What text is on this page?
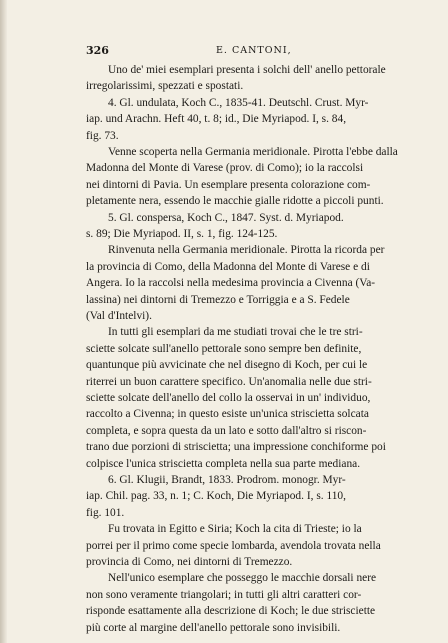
326	E. CANTONI,
Uno de' miei esemplari presenta i solchi dell' anello pettorale
irregolarissimi, spezzati e spostati.
4. Gl. undulata, Koch C., 1835-41. Deutschl. Crust. Myr-
iap. und Arachn. Heft 40, t. 8; id., Die Myriapod. I, s. 84,
fig. 73.
Venne scoperta nella Germania meridionale. Pirotta l'ebbe dalla
Madonna del Monte di Varese (prov. di Como); io la raccolsi
nei dintorni di Pavia. Un esemplare presenta colorazione com-
pletamente nera, essendo le macchie gialle ridotte a piccoli punti.
5. Gl. conspersa, Koch C., 1847. Syst. d. Myriapod.
s. 89; Die Myriapod. II, s. 1, fig. 124-125.
Rinvenuta nella Germania meridionale. Pirotta la ricorda per
la provincia di Como, della Madonna del Monte di Varese e di
Angera. Io la raccolsi nella medesima provincia a Civenna (Va-
lassina) nei dintorni di Tremezzo e Torriggia e a S. Fedele
(Val d'Intelvi).
In tutti gli esemplari da me studiati trovai che le tre stri-
sciette solcate sull'anello pettorale sono sempre ben definite,
quantunque più avvicinate che nel disegno di Koch, per cui le
riterrei un buon carattere specifico. Un'anomalia nelle due stri-
sciette solcate dell'anello del collo la osservai in un' individuo,
raccolto a Civenna; in questo esiste un'unica striscietta solcata
completa, e sopra questa da un lato e sotto dall'altro si riscon-
trano due porzioni di striscietta; una impressione conchiforme poi
colpisce l'unica striscietta completa nella sua parte mediana.
6. Gl. Klugii, Brandt, 1833. Prodrom. monogr. Myr-
iap. Chil. pag. 33, n. 1; C. Koch, Die Myriapod. I, s. 110,
fig. 101.
Fu trovata in Egitto e Siria; Koch la cita di Trieste; io la
porrei per il primo come specie lombarda, avendola trovata nella
provincia di Como, nei dintorni di Tremezzo.
Nell'unico esemplare che posseggo le macchie dorsali nere
non sono veramente triangolari; in tutti gli altri caratteri cor-
risponde esattamente alla descrizione di Koch; le due strisciette
più corte al margine dell'anello pettorale sono invisibili.
